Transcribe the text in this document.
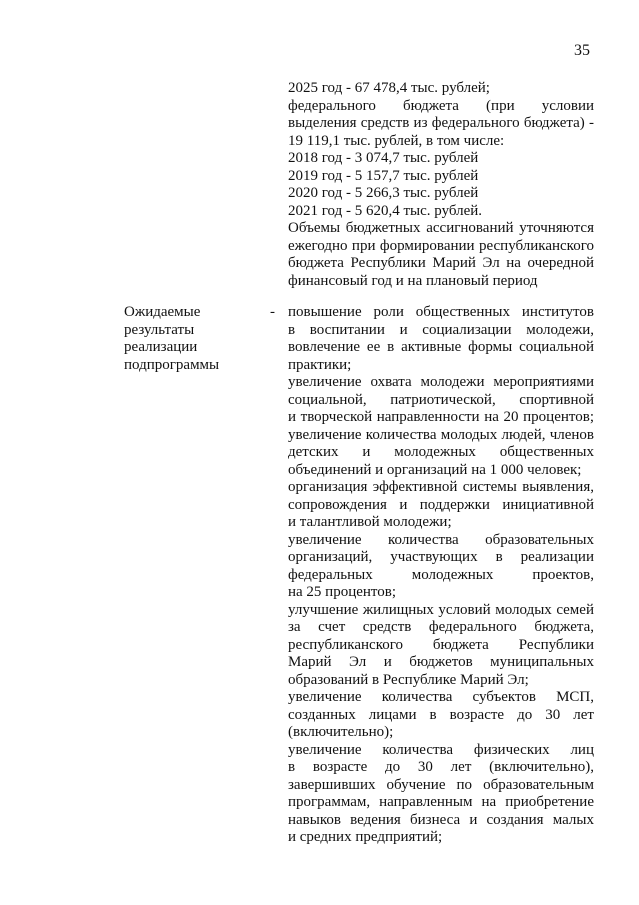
35
2025 год - 67 478,4 тыс. рублей;
федерального бюджета (при условии
выделения средств из федерального бюджета) -
19 119,1 тыс. рублей, в том числе:
2018 год - 3 074,7 тыс. рублей
2019 год - 5 157,7 тыс. рублей
2020 год - 5 266,3 тыс. рублей
2021 год - 5 620,4 тыс. рублей.
Объемы бюджетных ассигнований уточняются
ежегодно при формировании республиканского
бюджета Республики Марий Эл на очередной
финансовый год и на плановый период
Ожидаемые
результаты
реализации
подпрограммы
- повышение роли общественных институтов
в воспитании и социализации молодежи,
вовлечение ее в активные формы социальной
практики;
увеличение охвата молодежи мероприятиями
социальной, патриотической, спортивной
и творческой направленности на 20 процентов;
увеличение количества молодых людей, членов
детских и молодежных общественных
объединений и организаций на 1 000 человек;
организация эффективной системы выявления,
сопровождения и поддержки инициативной
и талантливой молодежи;
увеличение количества образовательных
организаций, участвующих в реализации
федеральных молодежных проектов,
на 25 процентов;
улучшение жилищных условий молодых семей
за счет средств федерального бюджета,
республиканского бюджета Республики
Марий Эл и бюджетов муниципальных
образований в Республике Марий Эл;
увеличение количества субъектов МСП,
созданных лицами в возрасте до 30 лет
(включительно);
увеличение количества физических лиц
в возрасте до 30 лет (включительно),
завершивших обучение по образовательным
программам, направленным на приобретение
навыков ведения бизнеса и создания малых
и средних предприятий;
